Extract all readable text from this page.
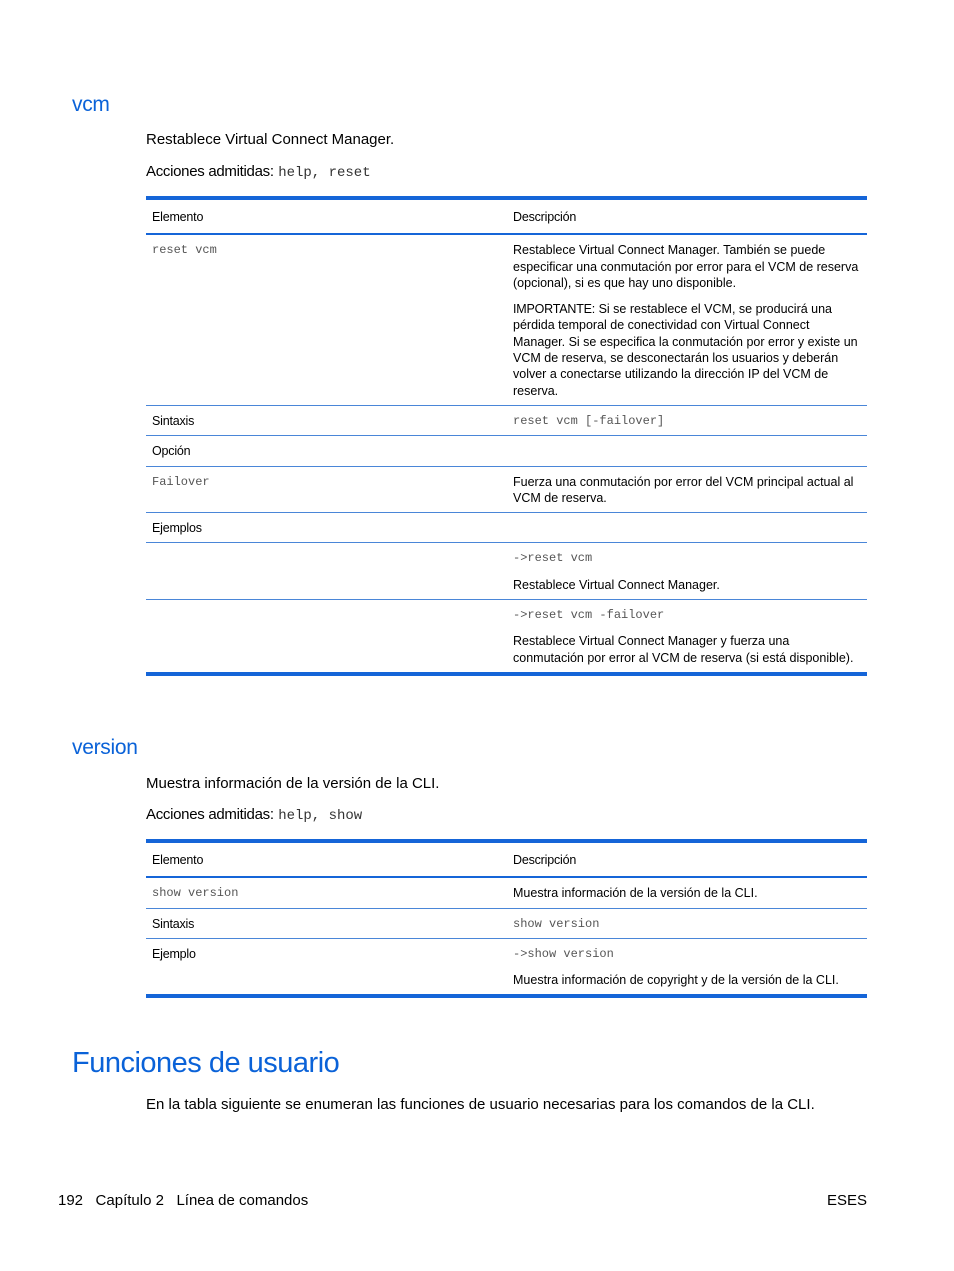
vcm
Restablece Virtual Connect Manager.
Acciones admitidas: help, reset
Elemento	Descripción
reset vcm	Restablece Virtual Connect Manager. También se puede especificar una conmutación por error para el VCM de reserva (opcional), si es que hay uno disponible.

IMPORTANTE: Si se restablece el VCM, se producirá una pérdida temporal de conectividad con Virtual Connect Manager. Si se especifica la conmutación por error y existe un VCM de reserva, se desconectarán los usuarios y deberán volver a conectarse utilizando la dirección IP del VCM de reserva.

Sintaxis	reset vcm [-failover]
Opción	
Failover	Fuerza una conmutación por error del VCM principal actual al VCM de reserva.
Ejemplos	

	->reset vcm

Restablece Virtual Connect Manager.

	->reset vcm -failover

Restablece Virtual Connect Manager y fuerza una conmutación por error al VCM de reserva (si está disponible).

version
Muestra información de la versión de la CLI.
Acciones admitidas: help, show
Elemento	Descripción
show version	Muestra información de la versión de la CLI.
Sintaxis	show version
Ejemplo	->show version

Muestra información de copyright y de la versión de la CLI.

Funciones de usuario
En la tabla siguiente se enumeran las funciones de usuario necesarias para los comandos de la CLI.
192 Capítulo 2 Línea de comandos	ESES
